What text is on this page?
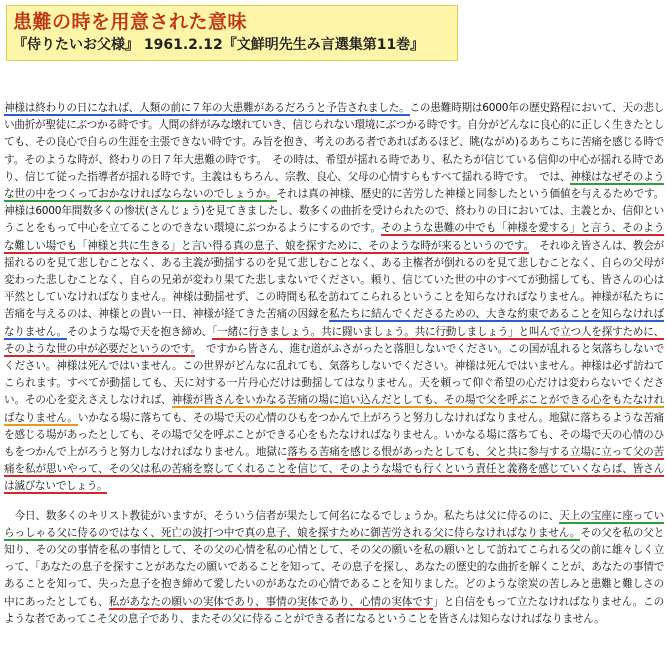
患難の時を用意された意味
『侍りたいお父様』 1961.2.12『文鮮明先生み言選集第11巻』

神様は終わりの日になれば、人類の前に７年の大患難があるだろうと予告されました。この患難時期は6000年の歴史路程において、天の悲しい曲折が聖徒にぶつかる時です。人間の絆がみな壊れていき、信じられない環境にぶつかる時です。自分がどんなに良心的に正しく生きたとしても、その良心で自らの生涯を主張できない時です。み旨を抱き、考えのある者であればあるほど、眺(ながめ)るあちこちに苦痛を感じる時です。そのような時が、終わりの日７年大患難の時です。　その時は、希望が揺れる時であり、私たちが信じている信仰の中心が揺れる時であり、信じて従った指導者が揺れる時です。主義はもちろん、宗教、良心、父母の心情すらもすべて揺れる時です。　では、神様はなぜそのような世の中をつくっておかなければならないのでしょうか。それは真の神様、歴史的に苦労した神様と同参したという価値を与えるためです。神様は6000年間数多くの惨状(さんじょう)を見てきましたし、数多くの曲折を受けられたので、終わりの日においては、主義とか、信仰ということをもって中心を立てることのできない環境にぶつかるようにするのです。そのような患難の中でも「神様を愛する」と言う、そのような難しい場でも「神様と共に生きる」と言い得る真の息子、娘を探すために、そのような時が来るというのです。　それゆえ皆さんは、教会が揺れるのを見て悲しむことなく、ある主義が動揺するのを見て悲しむことなく、ある主権者が倒れるのを見て悲しむことなく、自らの父母が変わった悲しむことなく、自らの兄弟が変わり果てた悲しまないでください。頼り、信じていた世の中のすべてが動揺しても、皆さんの心は平然としていなければなりません。神様は動揺せず、この時間も私を訪ねてこられるということを知らなければなりません。神様が私たちに苦痛を与えるのは、神様との貴い一日、神様が経てきた苦痛の因縁を私たちに結んでくださるための、大きな約束であることを知らなければなりません。そのような場で天を抱き締め、「一緒に行きましょう。共に闘いましょう。共に行動しましょう」と叫んで立つ人を探すために、そのような世の中が必要だというのです。　ですから皆さん、進む道がふさがったと落胆しないでください。この国が乱れると気落ちしないでください。神様は死んではいません。この世界がどんなに乱れても、気落ちしないでください。神様は死んではいません。神様は必ず訪ねてこられます。すべてが動揺しても、天に対する一片丹心だけは動揺してはなりません。天を頼って仰ぐ希望の心だけは変わらないでください。その心を変えさえしなければ、神様が皆さんをいかなる苦痛の場に追い込んだとしても、その場で父を呼ぶことができる心をもたなければなりません。いかなる場に落ちても、その場で天の心情のひもをつかんで上がろうと努力しなければなりません。地獄に落ちるような苦痛を感じる場があったとしても、その場で父を呼ぶことができる心をもたなければなりません。いかなる場に落ちても、その場で天の心情のひもをつかんで上がろうと努力しなければなりません。地獄に落ちる苦痛を感じる恨があったとしても、父と共に参与する立場に立って父の苦痛を私が思いやって、その父は私の苦痛を察してくれることを信じて、そのような場でも行くという責任と義務を感じていくならば、皆さんは滅びないでしょう。

　今日、数多くのキリスト教徒がいますが、そういう信者が果たして何名になるでしょうか。私たちは父に侍るのに、天上の宝座に座っていらっしゃる父に侍るのではなく、死亡の波打つ中で真の息子、娘を探すために御苦労される父に侍らなければなりません。その父を私の父と知り、その父の事情を私の事情として、その父の心情を私の心情として、その父の願いを私の願いとして訪ねてこられる父の前に雄々しく立って、「あなたの息子を探すことがあなたの願いであることを知って、その息子を探し、あなたの歴史的な曲折を解くことが、あなたの事情であることを知って、失った息子を抱き締めて愛したいのがあなたの心情であることを知りました。どのような塗炭の苦しみと患難と難しさの中にあったとしても、私があなたの願いの実体であり、事情の実体であり、心情の実体です」と自信をもって立たなければなりません。このような者であってこそ父の息子であり、またその父に侍ることができる者になるということを皆さんは知らなければなりません。
